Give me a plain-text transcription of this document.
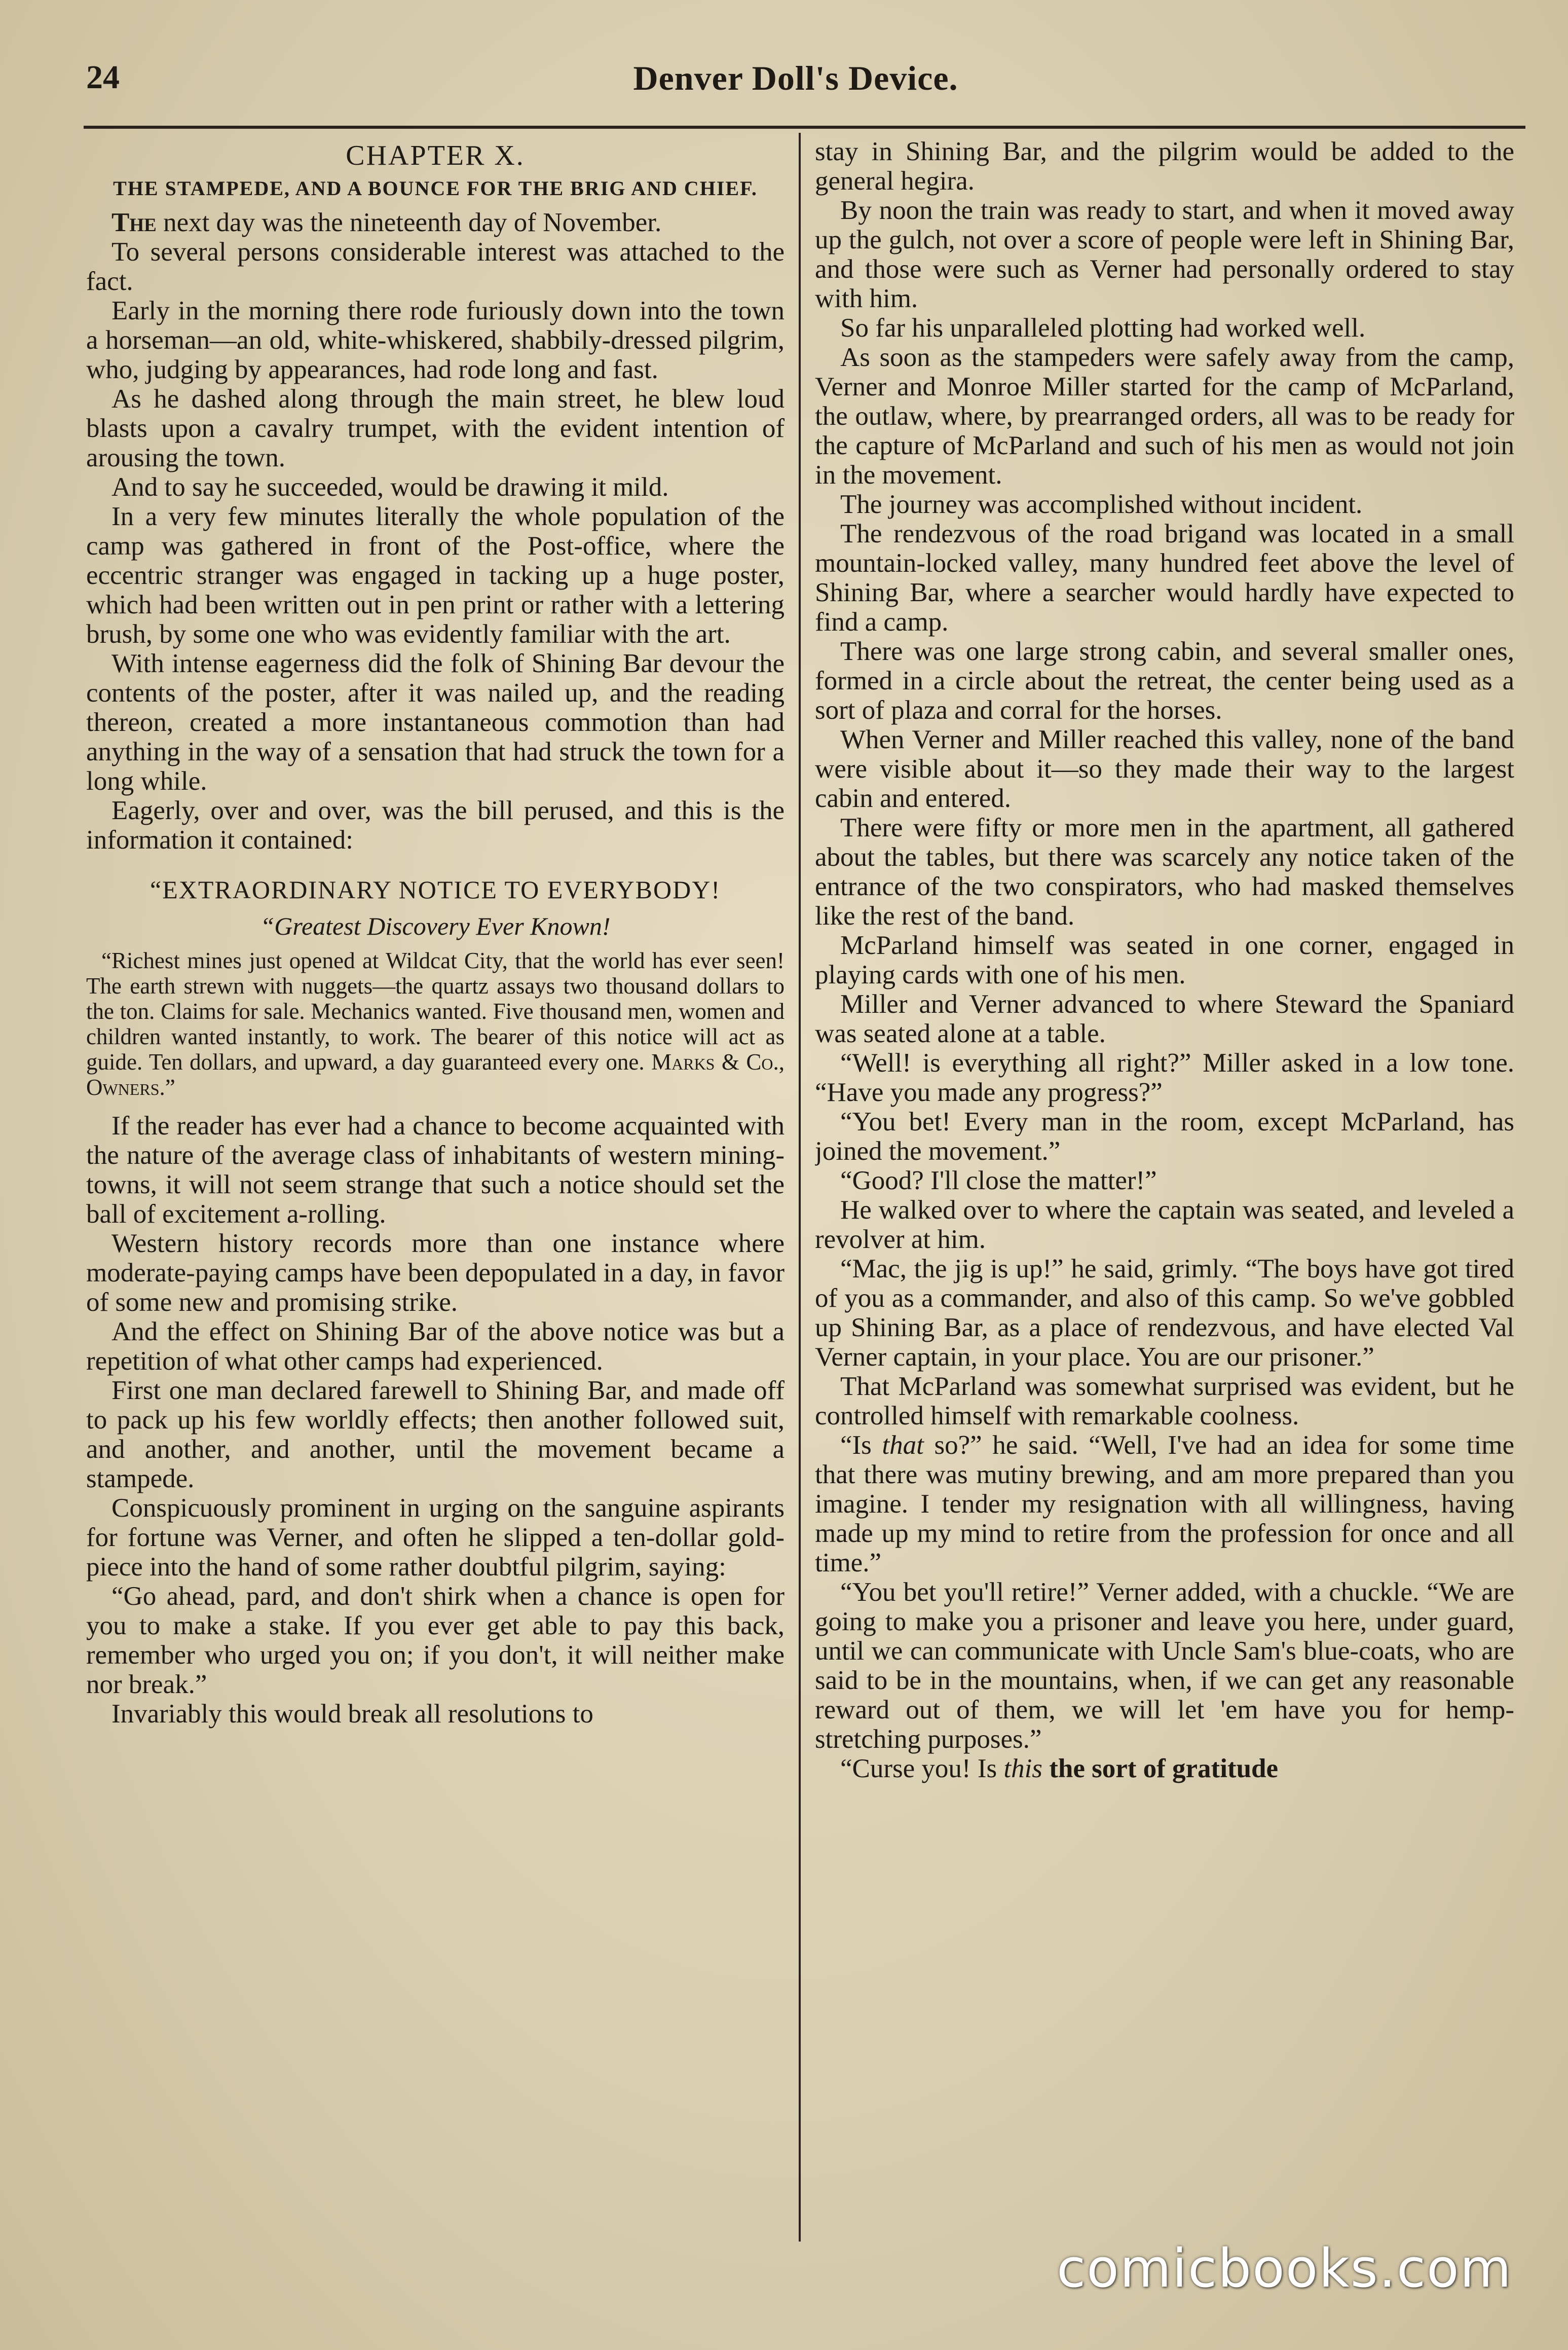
24	Denver Doll's Device.
CHAPTER X.
THE STAMPEDE, AND A BOUNCE FOR THE BRIG AND CHIEF.

The next day was the nineteenth day of November.

To several persons considerable interest was attached to the fact.

Early in the morning there rode furiously down into the town a horseman—an old, white-whiskered, shabbily-dressed pilgrim, who, judging by appearances, had rode long and fast.

As he dashed along through the main street, he blew loud blasts upon a cavalry trumpet, with the evident intention of arousing the town.

And to say he succeeded, would be drawing it mild.

In a very few minutes literally the whole population of the camp was gathered in front of the Post-office, where the eccentric stranger was engaged in tacking up a huge poster, which had been written out in pen print or rather with a lettering brush, by some one who was evidently familiar with the art.

With intense eagerness did the folk of Shining Bar devour the contents of the poster, after it was nailed up, and the reading thereon, created a more instantaneous commotion than had anything in the way of a sensation that had struck the town for a long while.

Eagerly, over and over, was the bill perused, and this is the information it contained:

“EXTRAORDINARY NOTICE TO EVERYBODY!
“Greatest Discovery Ever Known!
“Richest mines just opened at Wildcat City, that the world has ever seen! The earth strewn with nuggets—the quartz assays two thousand dollars to the ton. Claims for sale. Mechanics wanted. Five thousand men, women and children wanted instantly, to work. The bearer of this notice will act as guide. Ten dollars, and upward, a day guaranteed every one. Marks & Co., Owners.”

If the reader has ever had a chance to become acquainted with the nature of the average class of inhabitants of western mining-towns, it will not seem strange that such a notice should set the ball of excitement a-rolling.

Western history records more than one instance where moderate-paying camps have been depopulated in a day, in favor of some new and promising strike.

And the effect on Shining Bar of the above notice was but a repetition of what other camps had experienced.

First one man declared farewell to Shining Bar, and made off to pack up his few worldly effects; then another followed suit, and another, and another, until the movement became a stampede.

Conspicuously prominent in urging on the sanguine aspirants for fortune was Verner, and often he slipped a ten-dollar gold-piece into the hand of some rather doubtful pilgrim, saying:

“Go ahead, pard, and don't shirk when a chance is open for you to make a stake. If you ever get able to pay this back, remember who urged you on; if you don't, it will neither make nor break.”

Invariably this would break all resolutions to

stay in Shining Bar, and the pilgrim would be added to the general hegira.

By noon the train was ready to start, and when it moved away up the gulch, not over a score of people were left in Shining Bar, and those were such as Verner had personally ordered to stay with him.

So far his unparalleled plotting had worked well.

As soon as the stampeders were safely away from the camp, Verner and Monroe Miller started for the camp of McParland, the outlaw, where, by prearranged orders, all was to be ready for the capture of McParland and such of his men as would not join in the movement.

The journey was accomplished without incident.

The rendezvous of the road brigand was located in a small mountain-locked valley, many hundred feet above the level of Shining Bar, where a searcher would hardly have expected to find a camp.

There was one large strong cabin, and several smaller ones, formed in a circle about the retreat, the center being used as a sort of plaza and corral for the horses.

When Verner and Miller reached this valley, none of the band were visible about it—so they made their way to the largest cabin and entered.

There were fifty or more men in the apartment, all gathered about the tables, but there was scarcely any notice taken of the entrance of the two conspirators, who had masked themselves like the rest of the band.

McParland himself was seated in one corner, engaged in playing cards with one of his men.

Miller and Verner advanced to where Steward the Spaniard was seated alone at a table.

“Well! is everything all right?” Miller asked in a low tone. “Have you made any progress?”

“You bet! Every man in the room, except McParland, has joined the movement.”

“Good? I'll close the matter!”

He walked over to where the captain was seated, and leveled a revolver at him.

“Mac, the jig is up!” he said, grimly. “The boys have got tired of you as a commander, and also of this camp. So we've gobbled up Shining Bar, as a place of rendezvous, and have elected Val Verner captain, in your place. You are our prisoner.”

That McParland was somewhat surprised was evident, but he controlled himself with remarkable coolness.

“Is that so?” he said. “Well, I've had an idea for some time that there was mutiny brewing, and am more prepared than you imagine. I tender my resignation with all willingness, having made up my mind to retire from the profession for once and all time.”

“You bet you'll retire!” Verner added, with a chuckle. “We are going to make you a prisoner and leave you here, under guard, until we can communicate with Uncle Sam's blue-coats, who are said to be in the mountains, when, if we can get any reasonable reward out of them, we will let 'em have you for hemp-stretching purposes.”

“Curse you! Is this the sort of gratitude

comicbooks.com
